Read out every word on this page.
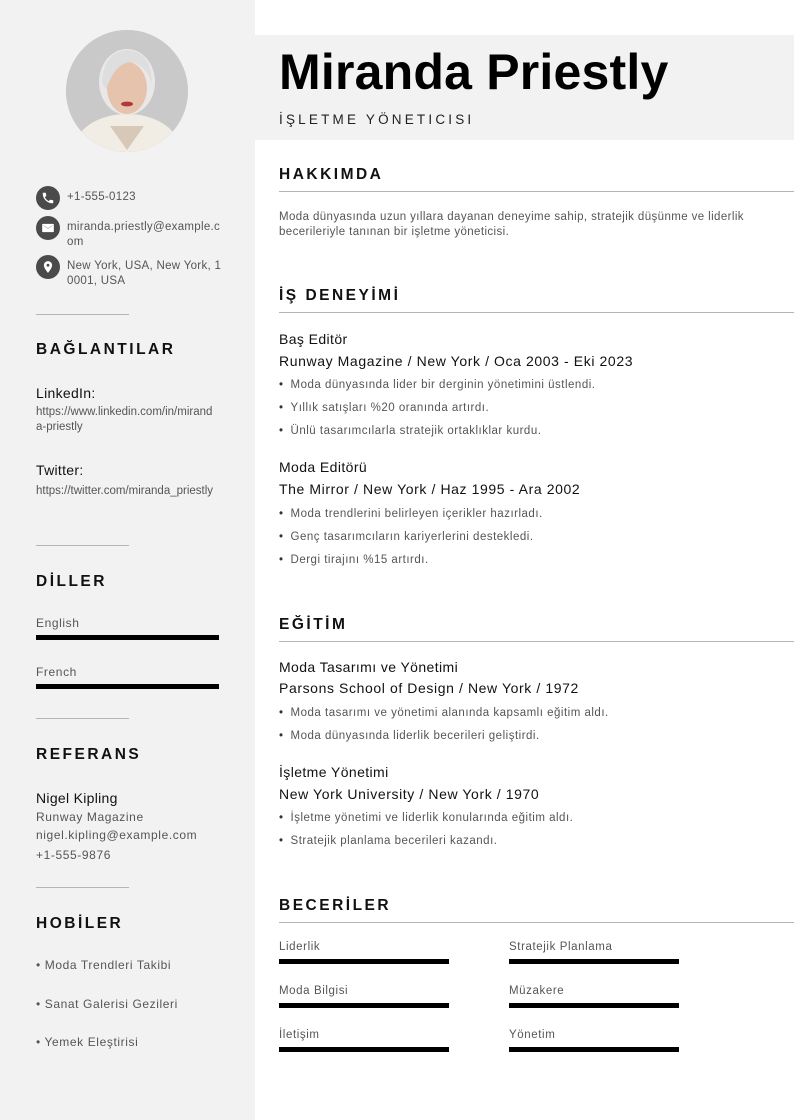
+1-555-0123
miranda.priestly@example.com
New York, USA, New York, 10001, USA
BAĞLANTILAR
LinkedIn:
https://www.linkedin.com/in/miranda-priestly
Twitter:
https://twitter.com/miranda_priestly
DİLLER
English
French
REFERANS
Nigel Kipling
Runway Magazine
nigel.kipling@example.com
+1-555-9876
HOBİLER
• Moda Trendleri Takibi
• Sanat Galerisi Gezileri
• Yemek Eleştirisi
Miranda Priestly
İŞLETME YÖNETICISI
HAKKIMDA
Moda dünyasında uzun yıllara dayanan deneyime sahip, stratejik düşünme ve liderlik becerileriyle tanınan bir işletme yöneticisi.
İŞ DENEYİMİ
Baş Editör
Runway Magazine / New York / Oca 2003 - Eki 2023
• Moda dünyasında lider bir derginin yönetimini üstlendi.
• Yıllık satışları %20 oranında artırdı.
• Ünlü tasarımcılarla stratejik ortaklıklar kurdu.
Moda Editörü
The Mirror / New York / Haz 1995 - Ara 2002
• Moda trendlerini belirleyen içerikler hazırladı.
• Genç tasarımcıların kariyerlerini destekledi.
• Dergi tirajını %15 artırdı.
EĞİTİM
Moda Tasarımı ve Yönetimi
Parsons School of Design / New York / 1972
• Moda tasarımı ve yönetimi alanında kapsamlı eğitim aldı.
• Moda dünyasında liderlik becerileri geliştirdi.
İşletme Yönetimi
New York University / New York / 1970
• İşletme yönetimi ve liderlik konularında eğitim aldı.
• Stratejik planlama becerileri kazandı.
BECERİLER
Liderlik	Stratejik Planlama
Moda Bilgisi	Müzakere
İletişim	Yönetim
